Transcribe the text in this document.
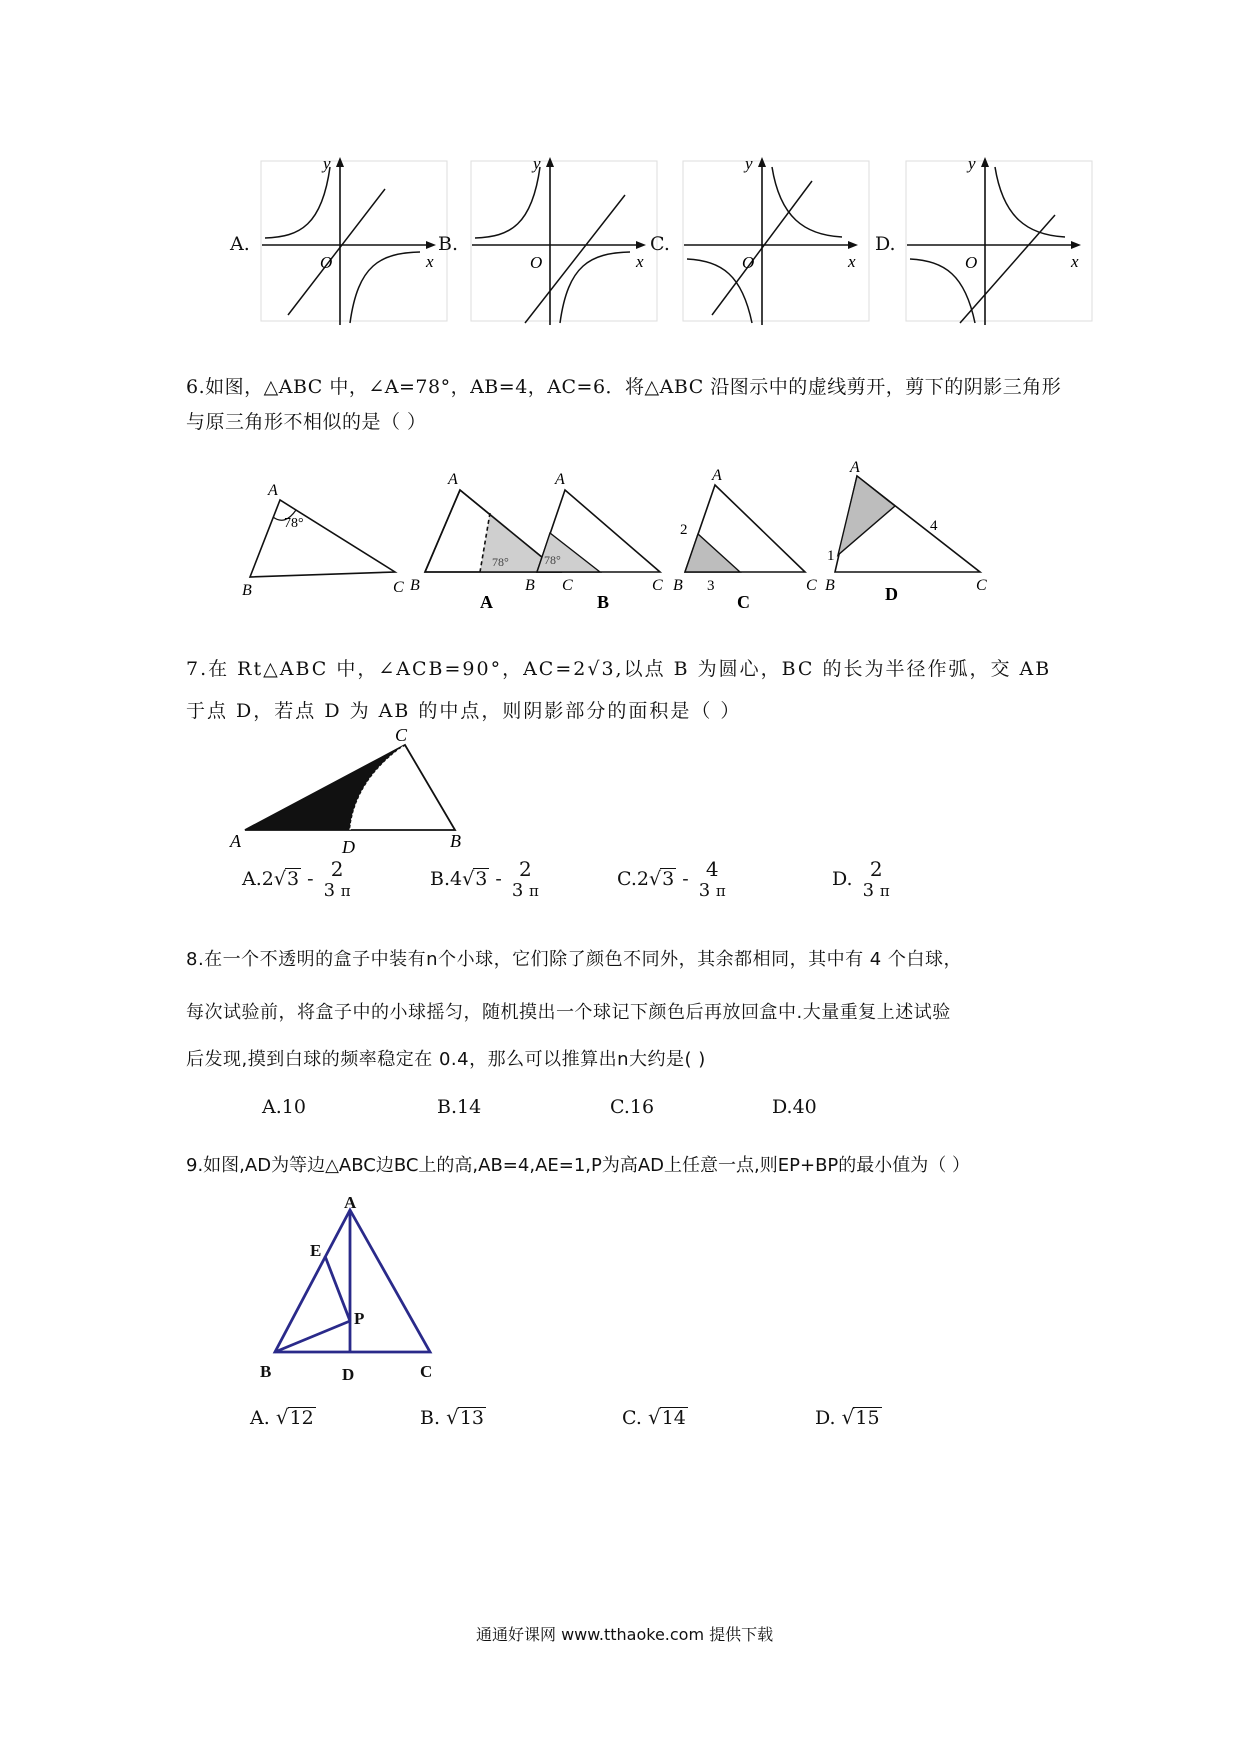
A.
y
x
O
B.
y
x
O
C.
y
x
O
D.
y
x
O
6.如图，△ABC 中，∠A=78°，AB=4，AC=6．将△ABC 沿图示中的虚线剪开，剪下的阴影三角形
与原三角形不相似的是（ ）
A
B	C
78°
78°
A
B	C
A
78°
A
B	C
B
2
3
A
B	C
C
1
4
A
B	C
D
7.在 Rt△ABC 中，∠ACB=90°，AC=2√3,以点 B 为圆心，BC 的长为半径作弧，交 AB
于点 D，若点 D 为 AB 的中点，则阴影部分的面积是（ ）
C
A	D	B
A.2√3 - 2
3 π
B.4√3 - 2
3 π
C.2√3 - 4
3 π
D. 2
3 π
8.在一个不透明的盒子中装有n个小球，它们除了颜色不同外，其余都相同，其中有 4 个白球，
每次试验前，将盒子中的小球摇匀，随机摸出一个球记下颜色后再放回盒中.大量重复上述试验
后发现,摸到白球的频率稳定在 0.4，那么可以推算出n大约是( )
A.10	B.14	C.16	D.40
9.如图,AD为等边△ABC边BC上的高,AB=4,AE=1,P为高AD上任意一点,则EP+BP的最小值为（ ）
A
E
P
B	D	C
A. √12	B. √13	C. √14	D. √15
通通好课网 www.tthaoke.com 提供下载
